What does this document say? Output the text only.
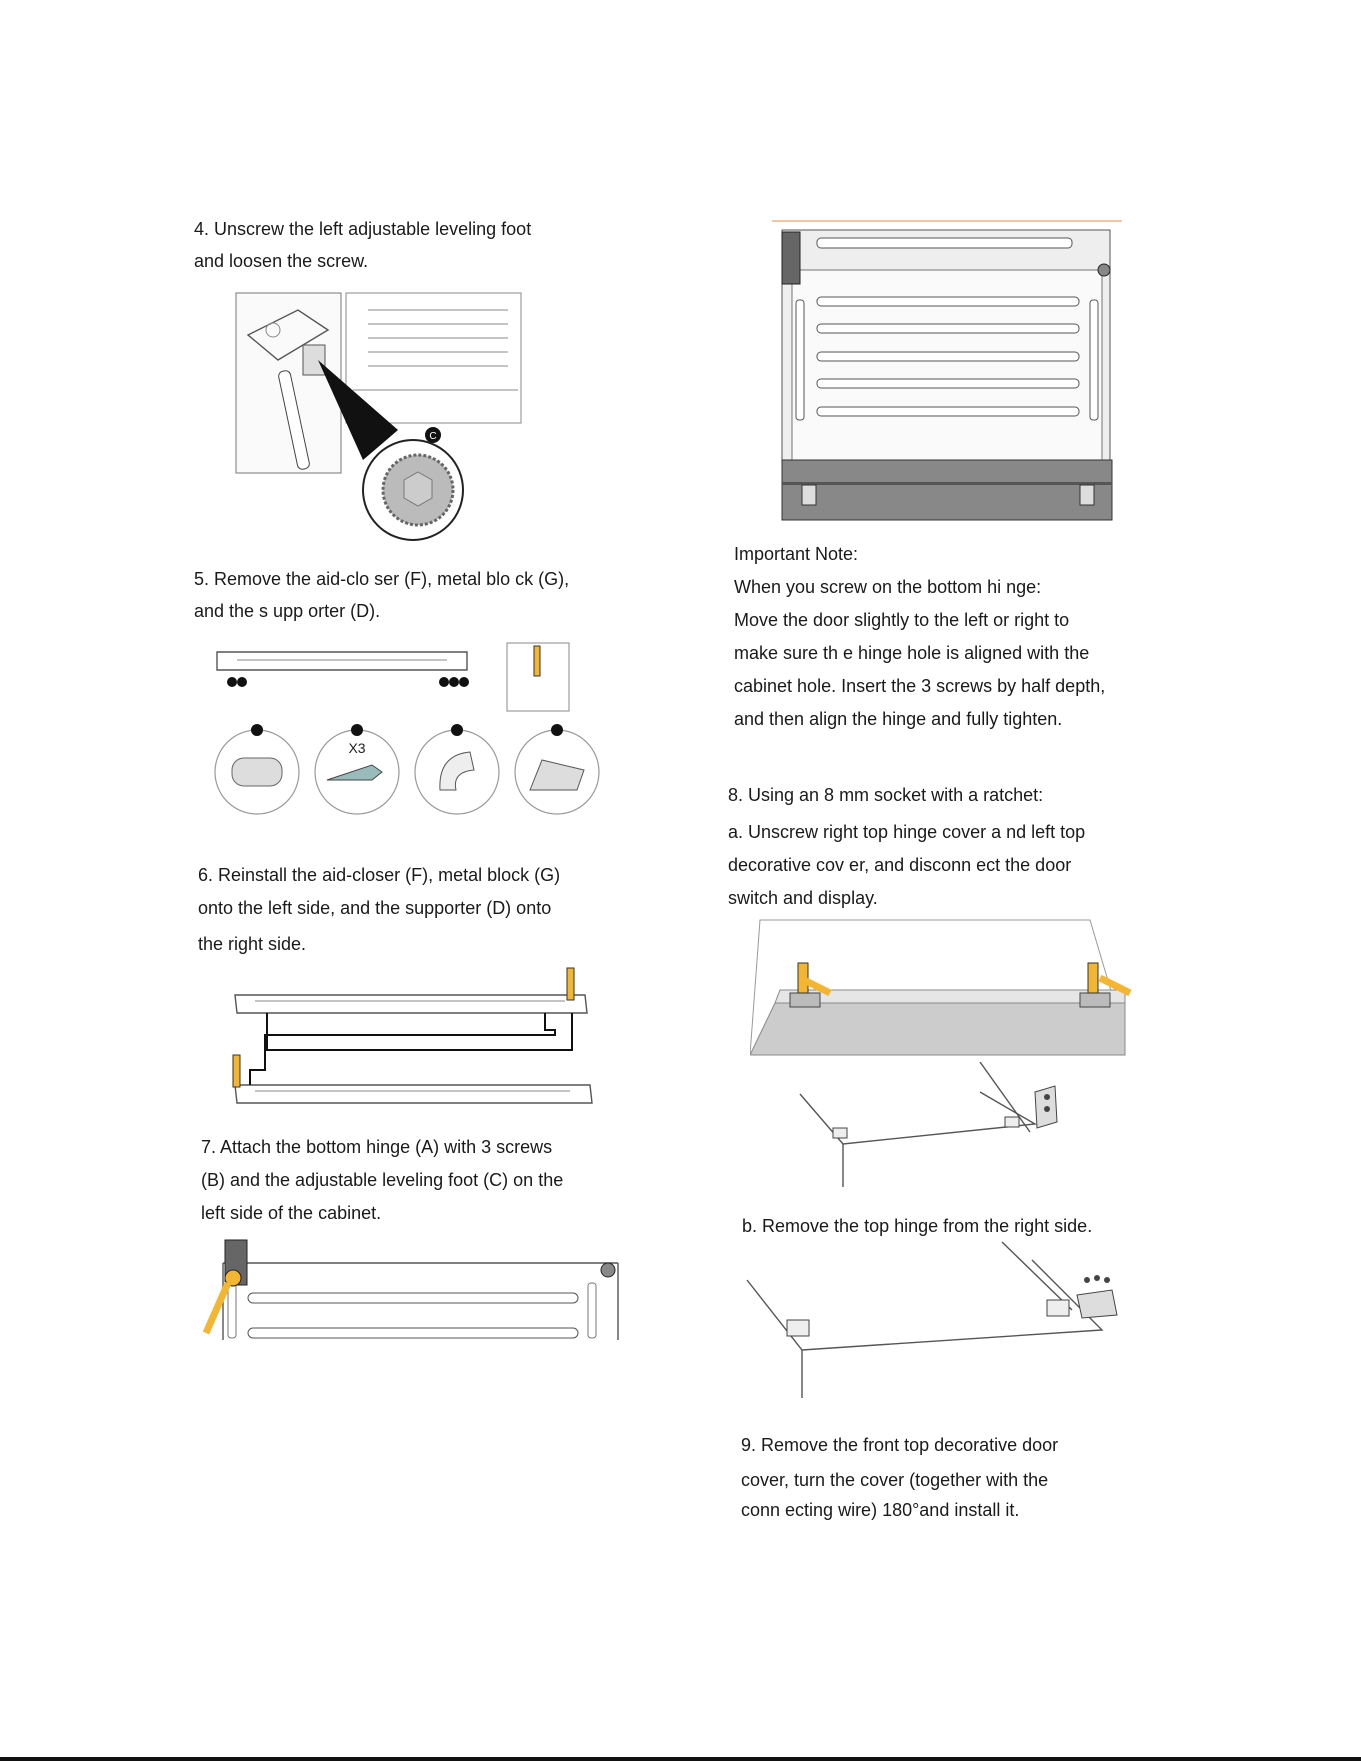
4. Unscrew the left adjustable leveling foot
and loosen the screw.
C
5. Remove the aid-clo ser (F), metal blo ck (G),
and the s upp orter (D).
X3
6. Reinstall the aid-closer (F), metal block (G)
onto the left side, and the supporter (D) onto
the right side.
7. Attach the bottom hinge (A) with 3 screws
(B) and the adjustable leveling foot (C) on the
left side of the cabinet.
Important Note:
When you screw on the bottom hi nge:
Move the door slightly to the left or right to
make sure th e hinge hole is aligned with the
cabinet hole. Insert the 3 screws by half depth,
and then align the hinge and fully tighten.
8. Using an 8 mm socket with a ratchet:
a. Unscrew right top hinge cover a nd left top
decorative cov er, and disconn ect the door
switch and display.
b. Remove the top hinge from the right side.
9. Remove the front top decorative door
cover, turn the cover (together with the
conn ecting wire) 180°and install it.
